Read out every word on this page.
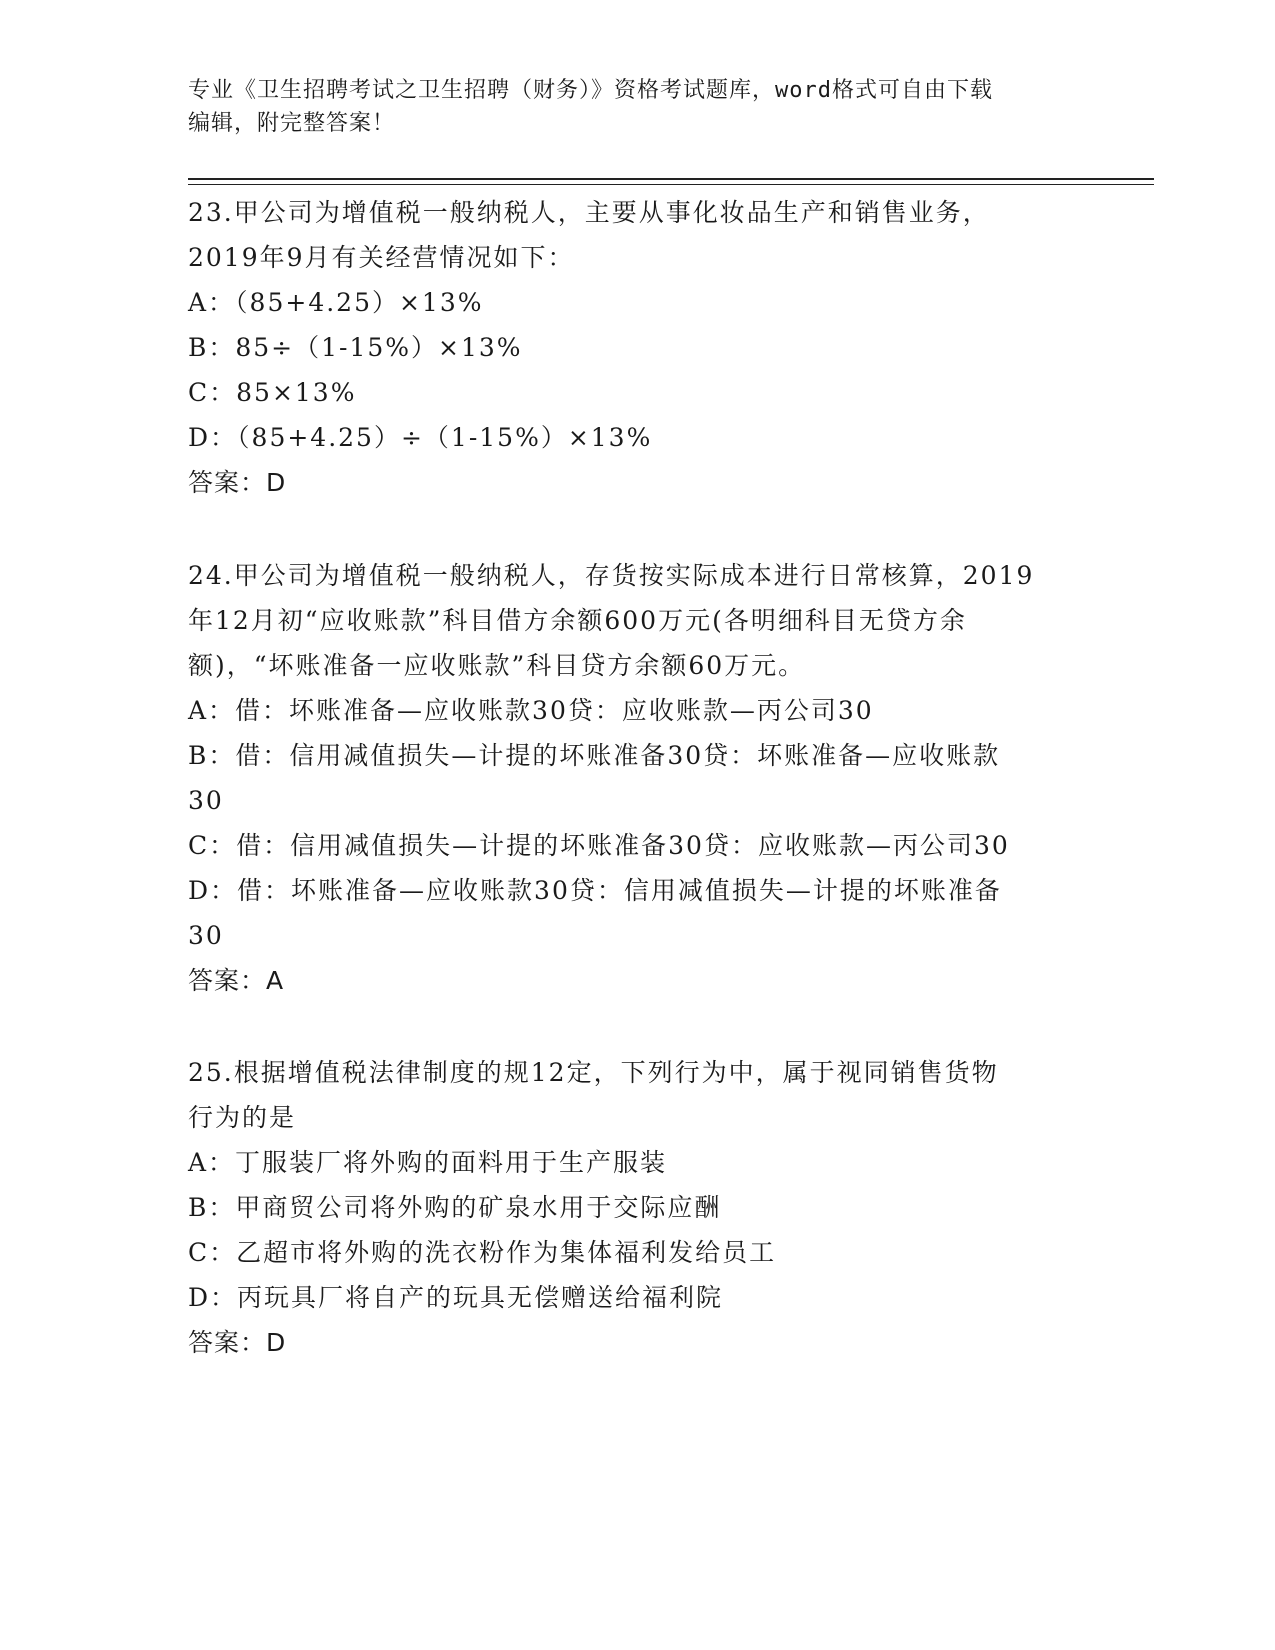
专业《卫生招聘考试之卫生招聘（财务）》资格考试题库，word格式可自由下载
编辑，附完整答案！
23.甲公司为增值税一般纳税人，主要从事化妆品生产和销售业务，
2019年9月有关经营情况如下：
A：（85+4.25）×13%
B：85÷（1-15%）×13%
C：85×13%
D：（85+4.25）÷（1-15%）×13%
答案：D
24.甲公司为增值税一般纳税人，存货按实际成本进行日常核算，2019
年12月初“应收账款”科目借方余额600万元(各明细科目无贷方余
额)，“坏账准备一应收账款”科目贷方余额60万元。
A：借：坏账准备—应收账款30贷：应收账款—丙公司30
B：借：信用减值损失—计提的坏账准备30贷：坏账准备—应收账款
30
C：借：信用减值损失—计提的坏账准备30贷：应收账款—丙公司30
D：借：坏账准备—应收账款30贷：信用减值损失—计提的坏账准备
30
答案：A
25.根据增值税法律制度的规12定，下列行为中，属于视同销售货物
行为的是
A：丁服装厂将外购的面料用于生产服装
B：甲商贸公司将外购的矿泉水用于交际应酬
C：乙超市将外购的洗衣粉作为集体福利发给员工
D：丙玩具厂将自产的玩具无偿赠送给福利院
答案：D
